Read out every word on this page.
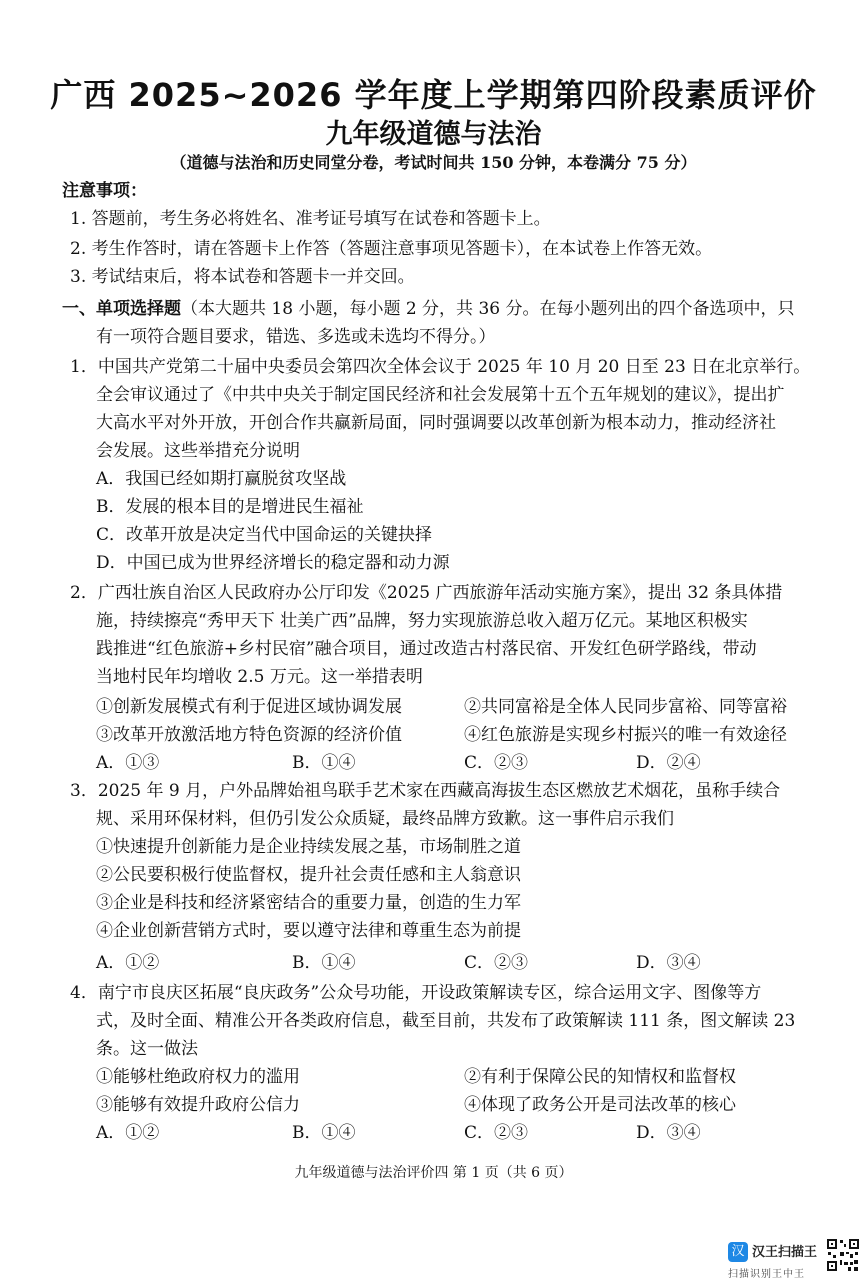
广西 2025~2026 学年度上学期第四阶段素质评价
九年级道德与法治
（道德与法治和历史同堂分卷，考试时间共 150 分钟，本卷满分 75 分）
注意事项：
1. 答题前，考生务必将姓名、准考证号填写在试卷和答题卡上。
2. 考生作答时，请在答题卡上作答（答题注意事项见答题卡），在本试卷上作答无效。
3. 考试结束后，将本试卷和答题卡一并交回。
一、单项选择题（本大题共 18 小题，每小题 2 分，共 36 分。在每小题列出的四个备选项中，只
有一项符合题目要求，错选、多选或未选均不得分。）
1．中国共产党第二十届中央委员会第四次全体会议于 2025 年 10 月 20 日至 23 日在北京举行。
全会审议通过了《中共中央关于制定国民经济和社会发展第十五个五年规划的建议》，提出扩
大高水平对外开放，开创合作共赢新局面，同时强调要以改革创新为根本动力，推动经济社
会发展。这些举措充分说明
A．我国已经如期打赢脱贫攻坚战
B．发展的根本目的是增进民生福祉
C．改革开放是决定当代中国命运的关键抉择
D．中国已成为世界经济增长的稳定器和动力源
2．广西壮族自治区人民政府办公厅印发《2025 广西旅游年活动实施方案》，提出 32 条具体措
施，持续擦亮“秀甲天下 壮美广西”品牌，努力实现旅游总收入超万亿元。某地区积极实
践推进“红色旅游+乡村民宿”融合项目，通过改造古村落民宿、开发红色研学路线，带动
当地村民年均增收 2.5 万元。这一举措表明
①创新发展模式有利于促进区域协调发展	②共同富裕是全体人民同步富裕、同等富裕
③改革开放激活地方特色资源的经济价值	④红色旅游是实现乡村振兴的唯一有效途径
A．①③	B．①④	C．②③	D．②④
3．2025 年 9 月，户外品牌始祖鸟联手艺术家在西藏高海拔生态区燃放艺术烟花，虽称手续合
规、采用环保材料，但仍引发公众质疑，最终品牌方致歉。这一事件启示我们
①快速提升创新能力是企业持续发展之基，市场制胜之道
②公民要积极行使监督权，提升社会责任感和主人翁意识
③企业是科技和经济紧密结合的重要力量，创造的生力军
④企业创新营销方式时，要以遵守法律和尊重生态为前提
A．①②	B．①④	C．②③	D．③④
4．南宁市良庆区拓展“良庆政务”公众号功能，开设政策解读专区，综合运用文字、图像等方
式，及时全面、精准公开各类政府信息，截至目前，共发布了政策解读 111 条，图文解读 23
条。这一做法
①能够杜绝政府权力的滥用	②有利于保障公民的知情权和监督权
③能够有效提升政府公信力	④体现了政务公开是司法改革的核心
A．①②	B．①④	C．②③	D．③④
九年级道德与法治评价四 第 1 页（共 6 页）
汉 汉王扫描王
扫描识别王中王
